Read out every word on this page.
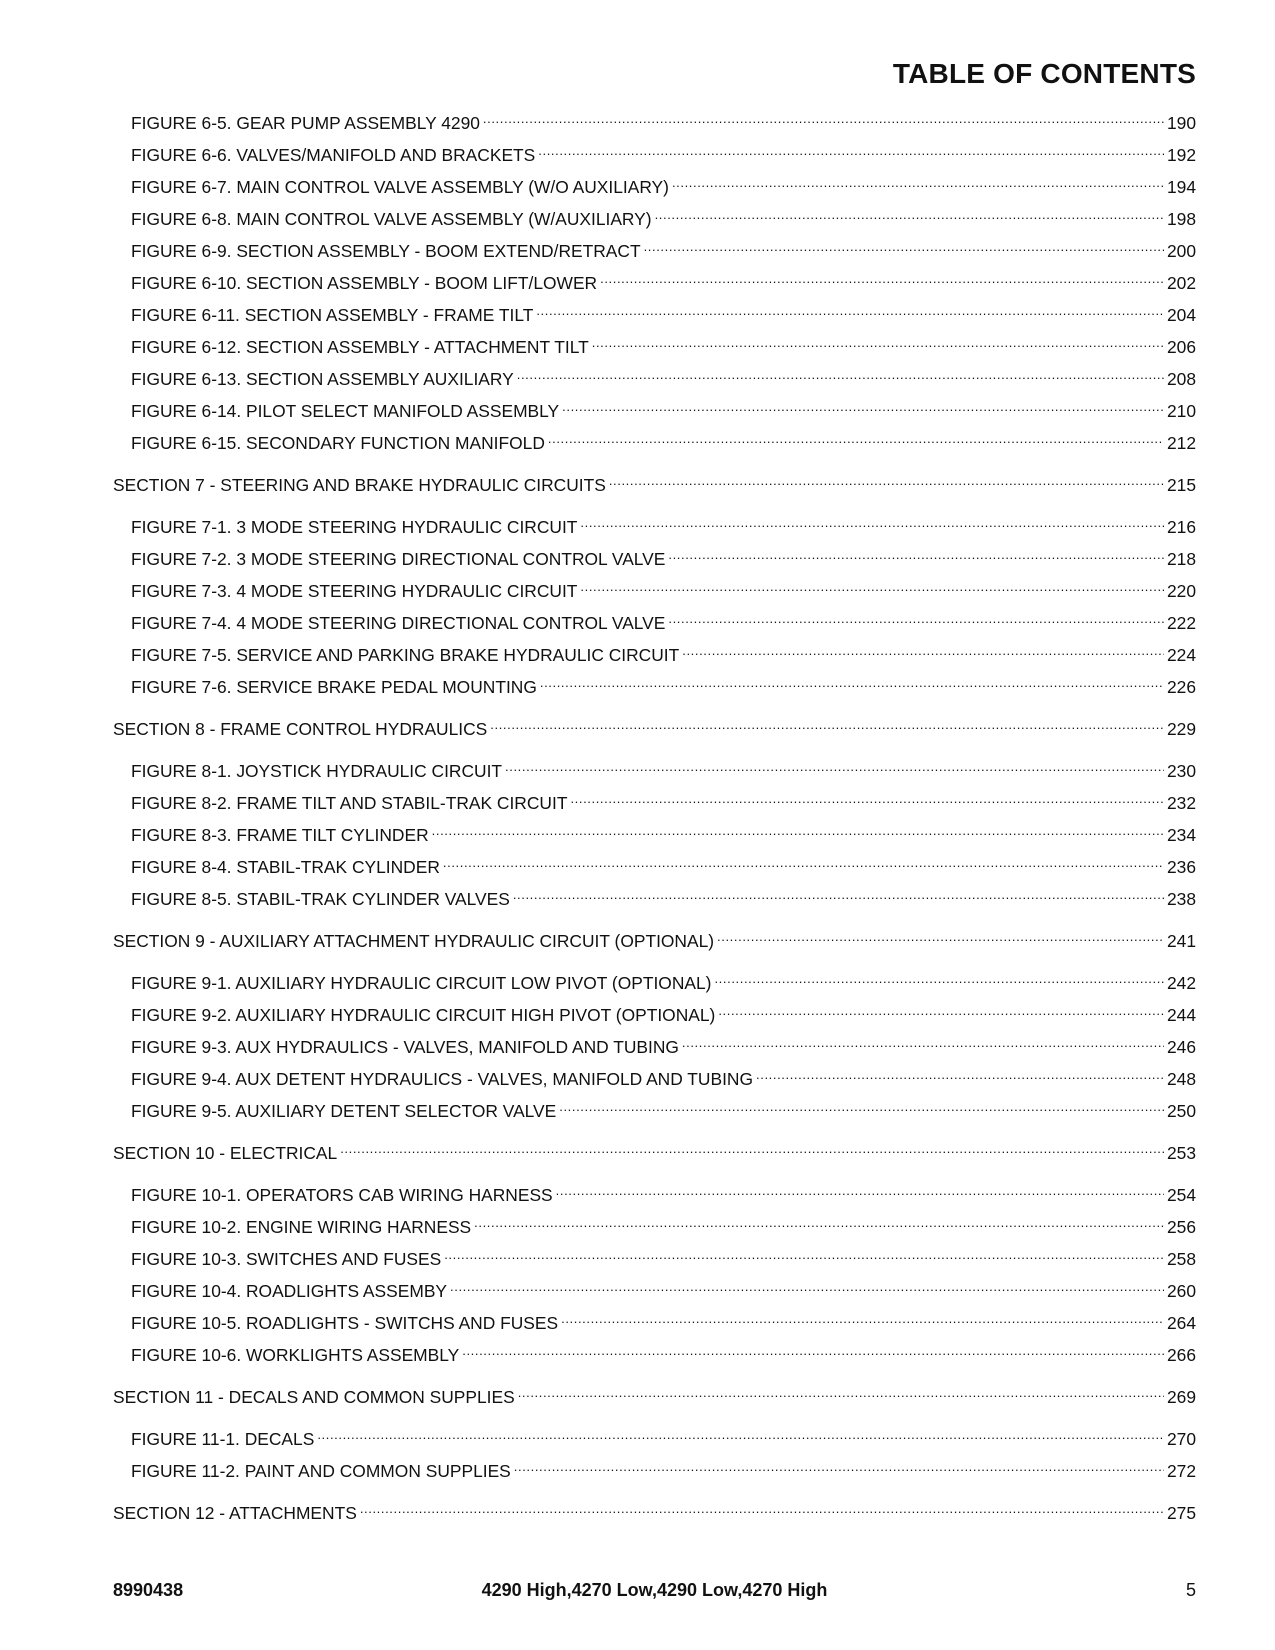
TABLE OF CONTENTS
FIGURE 6-5. GEAR PUMP ASSEMBLY 4290 .....	190
FIGURE 6-6. VALVES/MANIFOLD AND BRACKETS .....	192
FIGURE 6-7. MAIN CONTROL VALVE ASSEMBLY (W/O AUXILIARY) .....	194
FIGURE 6-8. MAIN CONTROL VALVE ASSEMBLY (W/AUXILIARY) .....	198
FIGURE 6-9. SECTION ASSEMBLY - BOOM EXTEND/RETRACT .....	200
FIGURE 6-10. SECTION ASSEMBLY - BOOM LIFT/LOWER .....	202
FIGURE 6-11. SECTION ASSEMBLY - FRAME TILT .....	204
FIGURE 6-12. SECTION ASSEMBLY - ATTACHMENT TILT .....	206
FIGURE 6-13. SECTION ASSEMBLY AUXILIARY .....	208
FIGURE 6-14. PILOT SELECT MANIFOLD ASSEMBLY .....	210
FIGURE 6-15. SECONDARY FUNCTION MANIFOLD .....	212
SECTION 7 - STEERING AND BRAKE HYDRAULIC CIRCUITS .....	215
FIGURE 7-1. 3 MODE STEERING HYDRAULIC CIRCUIT .....	216
FIGURE 7-2. 3 MODE STEERING DIRECTIONAL CONTROL VALVE .....	218
FIGURE 7-3. 4 MODE STEERING HYDRAULIC CIRCUIT .....	220
FIGURE 7-4. 4 MODE STEERING DIRECTIONAL CONTROL VALVE .....	222
FIGURE 7-5. SERVICE AND PARKING BRAKE HYDRAULIC CIRCUIT .....	224
FIGURE 7-6. SERVICE BRAKE PEDAL MOUNTING .....	226
SECTION 8 - FRAME CONTROL HYDRAULICS .....	229
FIGURE 8-1. JOYSTICK HYDRAULIC CIRCUIT .....	230
FIGURE 8-2. FRAME TILT AND STABIL-TRAK CIRCUIT .....	232
FIGURE 8-3. FRAME TILT CYLINDER .....	234
FIGURE 8-4. STABIL-TRAK CYLINDER .....	236
FIGURE 8-5. STABIL-TRAK CYLINDER VALVES .....	238
SECTION 9 - AUXILIARY ATTACHMENT HYDRAULIC CIRCUIT (OPTIONAL) .....	241
FIGURE 9-1. AUXILIARY HYDRAULIC CIRCUIT LOW PIVOT (OPTIONAL) .....	242
FIGURE 9-2. AUXILIARY HYDRAULIC CIRCUIT HIGH PIVOT (OPTIONAL) .....	244
FIGURE 9-3. AUX HYDRAULICS - VALVES, MANIFOLD AND TUBING .....	246
FIGURE 9-4. AUX DETENT HYDRAULICS - VALVES, MANIFOLD AND TUBING .....	248
FIGURE 9-5. AUXILIARY DETENT SELECTOR VALVE .....	250
SECTION 10 - ELECTRICAL .....	253
FIGURE 10-1. OPERATORS CAB WIRING HARNESS .....	254
FIGURE 10-2. ENGINE WIRING HARNESS .....	256
FIGURE 10-3. SWITCHES AND FUSES .....	258
FIGURE 10-4. ROADLIGHTS ASSEMBY .....	260
FIGURE 10-5. ROADLIGHTS - SWITCHS AND FUSES .....	264
FIGURE 10-6. WORKLIGHTS ASSEMBLY .....	266
SECTION 11 - DECALS AND COMMON SUPPLIES .....	269
FIGURE 11-1. DECALS .....	270
FIGURE 11-2. PAINT AND COMMON SUPPLIES .....	272
SECTION 12 - ATTACHMENTS .....	275
8990438	4290 High,4270 Low,4290 Low,4270 High	5
